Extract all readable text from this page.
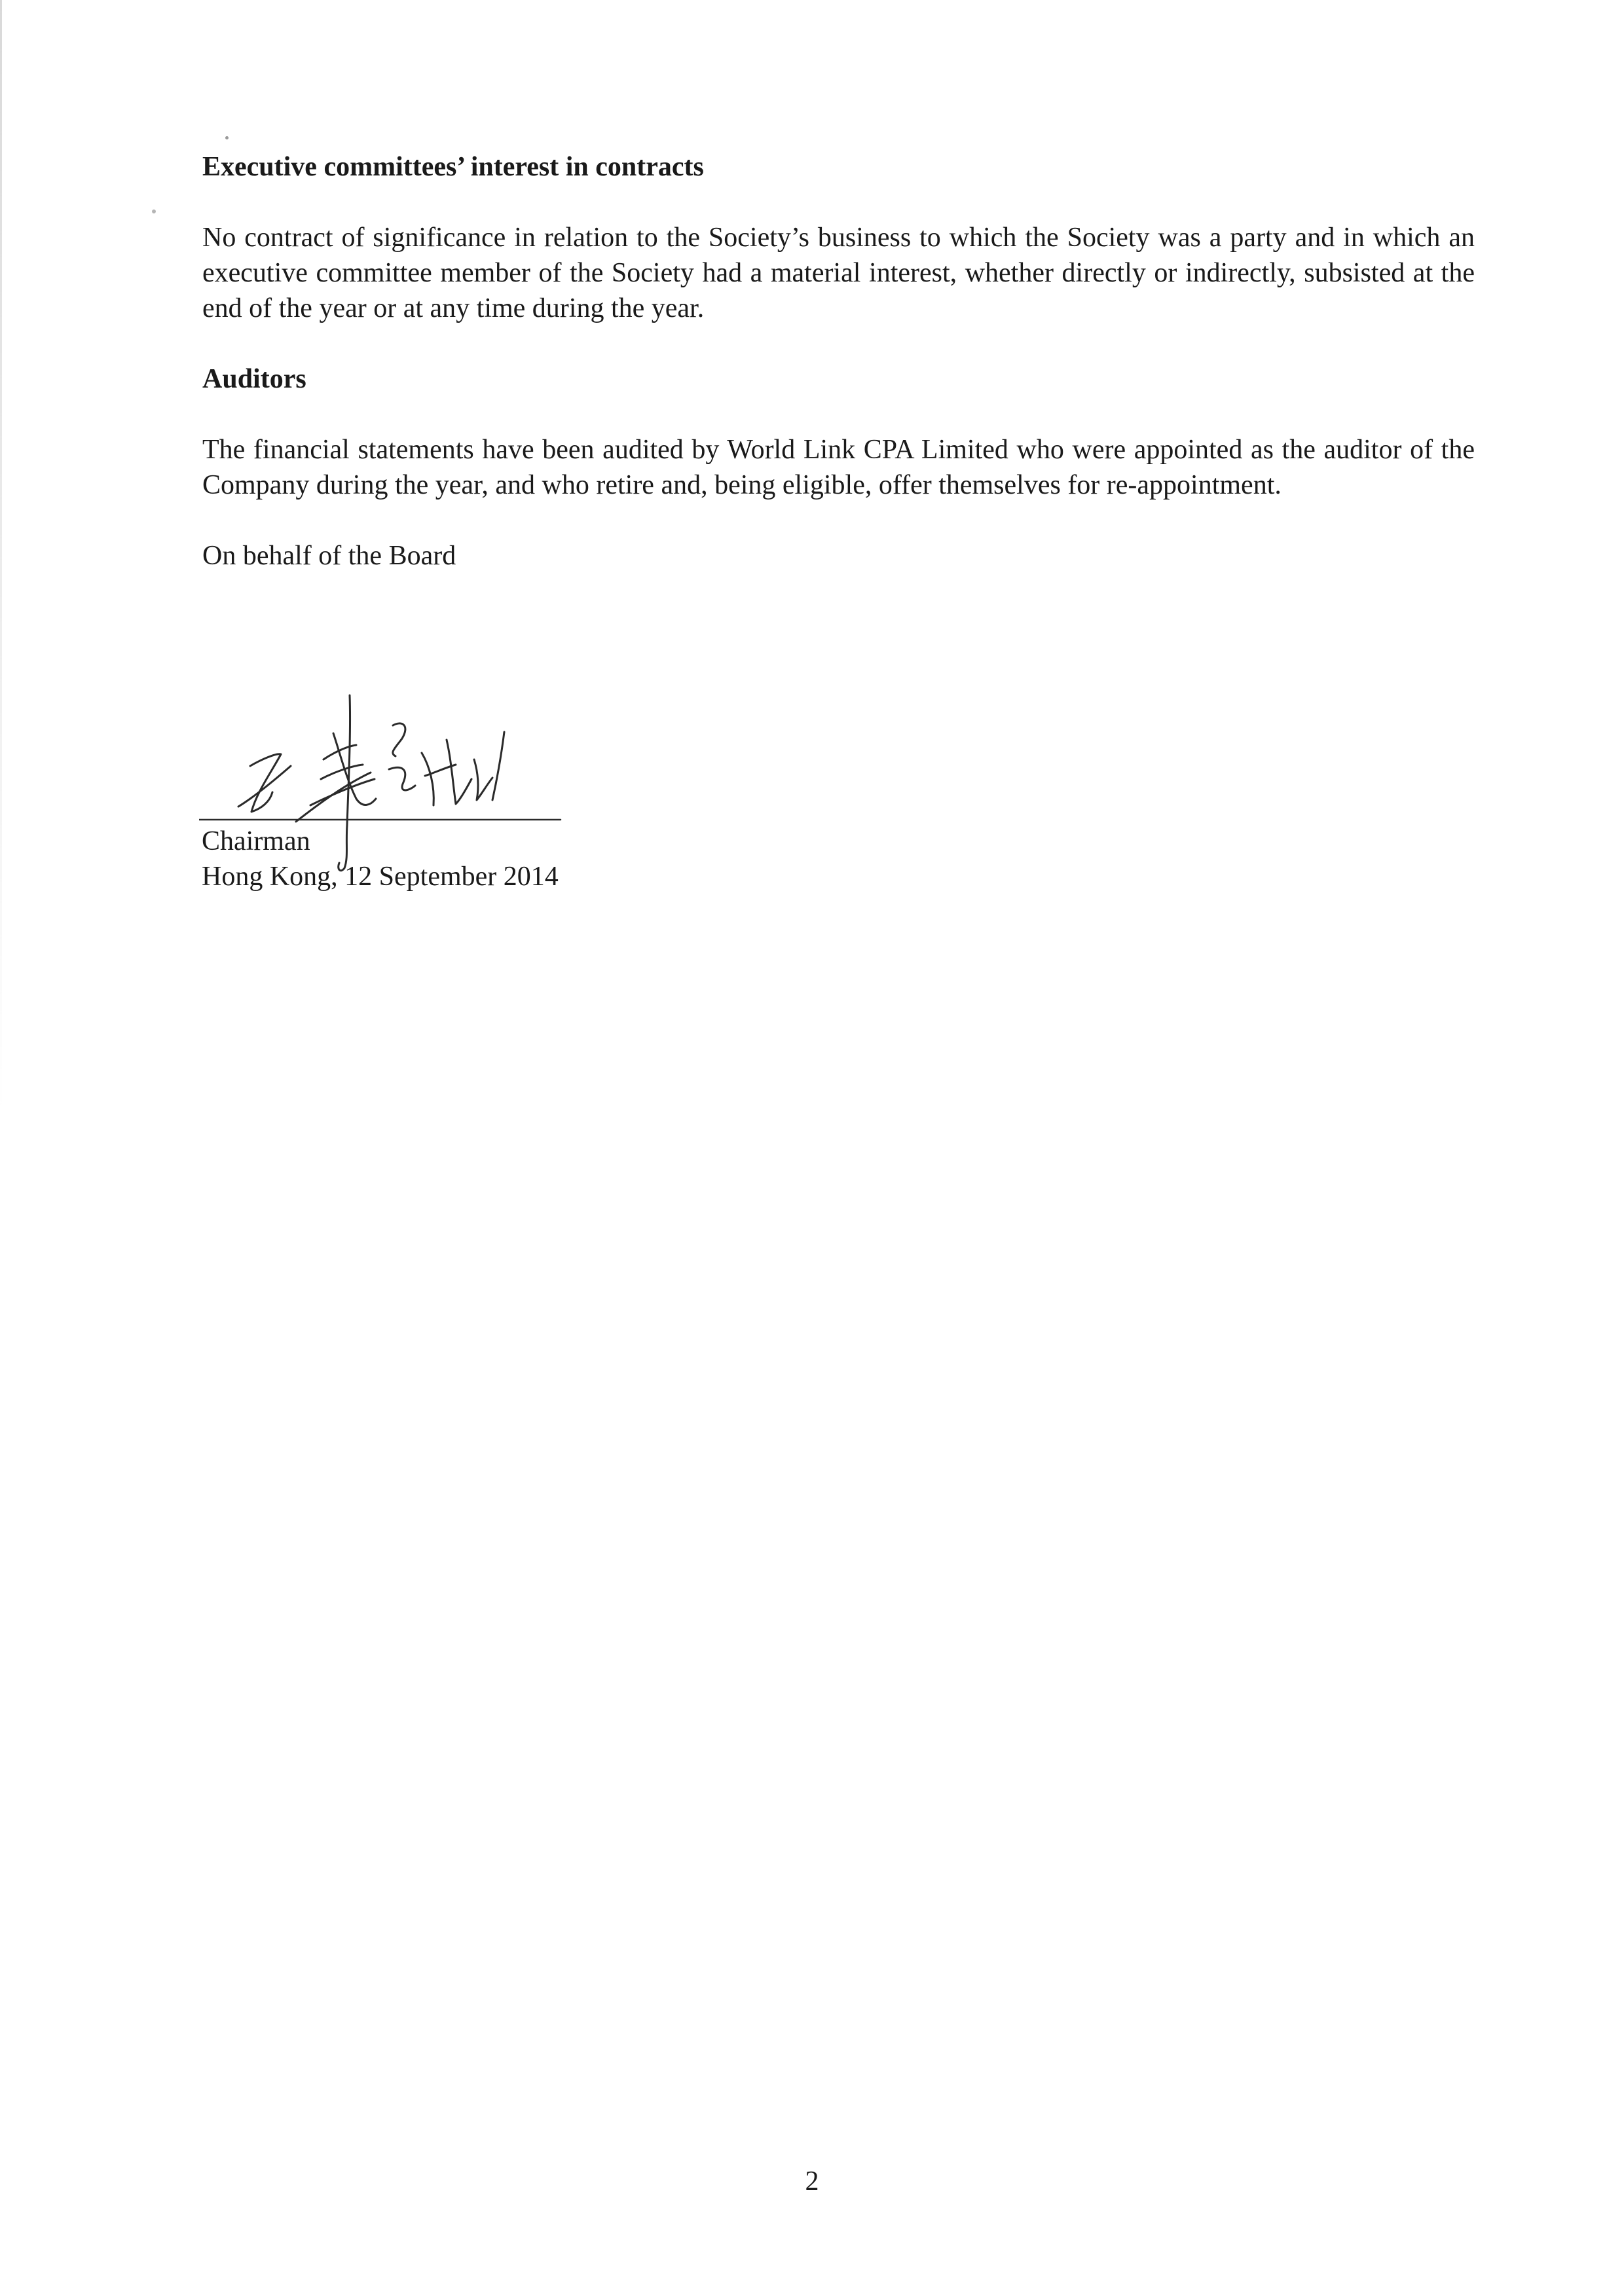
Executive committees’ interest in contracts

No contract of significance in relation to the Society’s business to which the Society was a party and in which an executive committee member of the Society had a material interest, whether directly or indirectly, subsisted at the end of the year or at any time during the year.

Auditors

The financial statements have been audited by World Link CPA Limited who were appointed as the auditor of the Company during the year, and who retire and, being eligible, offer themselves for re-appointment.

On behalf of the Board

Chairman
Hong Kong, 12 September 2014
2
